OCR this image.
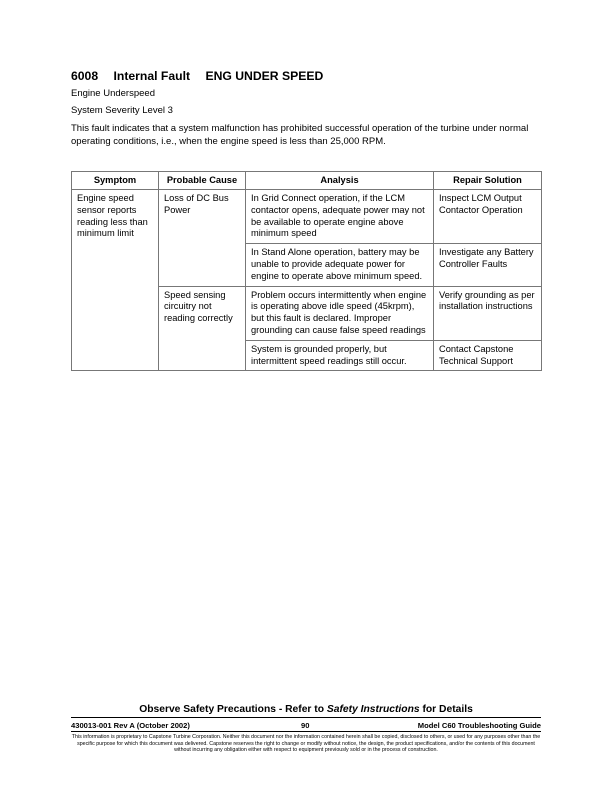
6008 Internal Fault ENG UNDER SPEED
Engine Underspeed
System Severity Level 3
This fault indicates that a system malfunction has prohibited successful operation of the turbine under normal operating conditions, i.e., when the engine speed is less than 25,000 RPM.
Symptom	Probable Cause	Analysis	Repair Solution
Engine speed sensor reports reading less than minimum limit	Loss of DC Bus Power	In Grid Connect operation, if the LCM contactor opens, adequate power may not be available to operate engine above minimum speed	Inspect LCM Output Contactor Operation
		In Stand Alone operation, battery may be unable to provide adequate power for engine to operate above minimum speed.	Investigate any Battery Controller Faults
	Speed sensing circuitry not reading correctly	Problem occurs intermittently when engine is operating above idle speed (45krpm), but this fault is declared. Improper grounding can cause false speed readings	Verify grounding as per installation instructions
		System is grounded properly, but intermittent speed readings still occur.	Contact Capstone Technical Support
Observe Safety Precautions - Refer to Safety Instructions for Details
430013-001 Rev A (October 2002)	90	Model C60 Troubleshooting Guide
This information is proprietary to Capstone Turbine Corporation. Neither this document nor the information contained herein shall be copied, disclosed to others, or used for any purposes other than the specific purpose for which this document was delivered. Capstone reserves the right to change or modify without notice, the design, the product specifications, and/or the contents of this document without incurring any obligation either with respect to equipment previously sold or in the process of construction.
